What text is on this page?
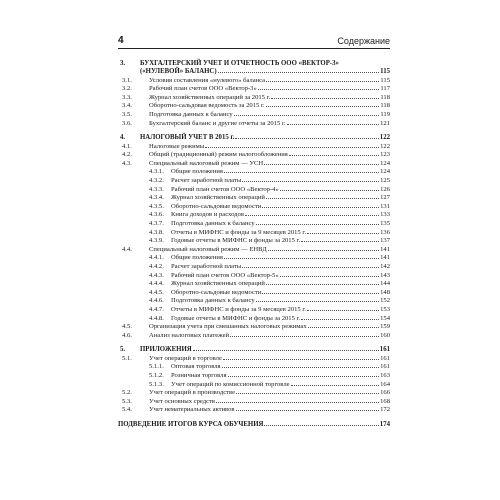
4	Содержание
3.	БУХГАЛТЕРСКИЙ УЧЕТ И ОТЧЕТНОСТЬ ООО «ВЕКТОР-3»
(«НУЛЕВОЙ» БАЛАНС)	115
3.1.	Условия составления «нулевого» баланса	115
3.2.	Рабочий план счетов ООО «Вектор-3»	117
3.3.	Журнал хозяйственных операций за 2015 г.	118
3.4.	Оборотно-сальдовая ведомость за 2015 г.	118
3.5.	Подготовка данных к балансу	119
3.6.	Бухгалтерский баланс и другие отчеты за 2015 г.	121
4.	НАЛОГОВЫЙ УЧЕТ В 2015 г.	122
4.1.	Налоговые режимы	122
4.2.	Общий (традиционный) режим налогообложения	123
4.3.	Специальный налоговый режим — УСН	124
4.3.1.	Общие положения	124
4.3.2.	Расчет заработной платы	125
4.3.3.	Рабочий план счетов ООО «Вектор-4»	126
4.3.4.	Журнал хозяйственных операций	127
4.3.5.	Оборотно-сальдовые ведомости	131
4.3.6.	Книга доходов и расходов	133
4.3.7.	Подготовка данных к балансу	135
4.3.8.	Отчеты в МИФНС и фонды за 9 месяцев 2015 г.	136
4.3.9.	Годовые отчеты в МИФНС и фонды за 2015 г.	137
4.4.	Специальный налоговый режим — ЕНВД	141
4.4.1.	Общие положения	141
4.4.2.	Расчет заработной платы	142
4.4.3.	Рабочий план счетов ООО «Вектор-5»	143
4.4.4.	Журнал хозяйственных операций	144
4.4.5.	Оборотно-сальдовые ведомости	148
4.4.6.	Подготовка данных к балансу	152
4.4.7.	Отчеты в МИФНС и фонды за 9 месяцев 2015 г.	153
4.4.8.	Годовые отчеты в МИФНС и фонды за 2015 г.	154
4.5.	Организация учета при смешанных налоговых режимах	159
4.6.	Анализ налоговых платежей	160
5.	ПРИЛОЖЕНИЯ	161
5.1.	Учет операций в торговле	161
5.1.1.	Оптовая торговля	161
5.1.2.	Розничная торговля	163
5.1.3.	Учет операций по комиссионной торговле	164
5.2.	Учет операций в производстве	166
5.3.	Учет основных средств	168
5.4.	Учет нематериальных активов	172
ПОДВЕДЕНИЕ ИТОГОВ КУРСА ОБУЧЕНИЯ	174
